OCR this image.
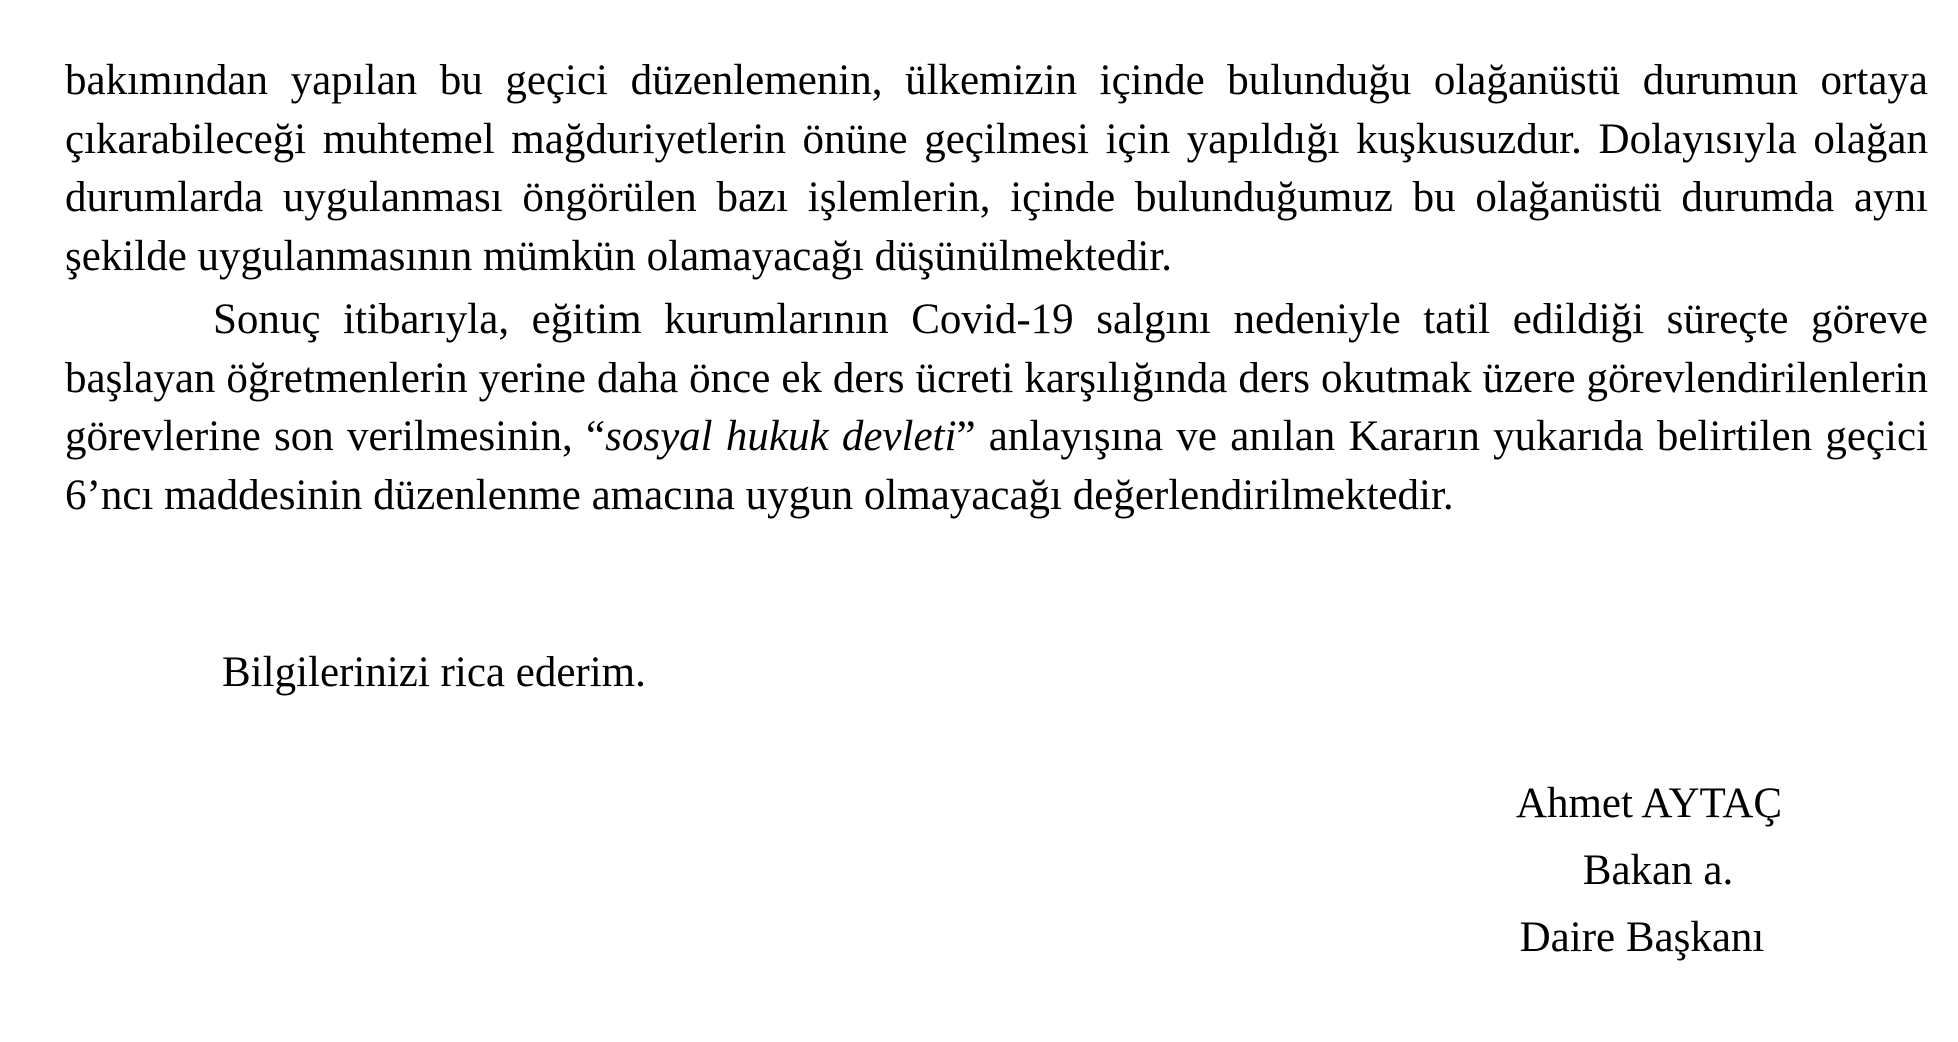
bakımından yapılan bu geçici düzenlemenin, ülkemizin içinde bulunduğu olağanüstü durumun ortaya çıkarabileceği muhtemel mağduriyetlerin önüne geçilmesi için yapıldığı kuşkusuzdur. Dolayısıyla olağan durumlarda uygulanması öngörülen bazı işlemlerin, içinde bulunduğumuz bu olağanüstü durumda aynı şekilde uygulanmasının mümkün olamayacağı düşünülmektedir.

Sonuç itibarıyla, eğitim kurumlarının Covid-19 salgını nedeniyle tatil edildiği süreçte göreve başlayan öğretmenlerin yerine daha önce ek ders ücreti karşılığında ders okutmak üzere görevlendirilenlerin görevlerine son verilmesinin, “sosyal hukuk devleti” anlayışına ve anılan Kararın yukarıda belirtilen geçici 6’ncı maddesinin düzenlenme amacına uygun olmayacağı değerlendirilmektedir.

Bilgilerinizi rica ederim.

Ahmet AYTAÇ
Bakan a.
Daire Başkanı
